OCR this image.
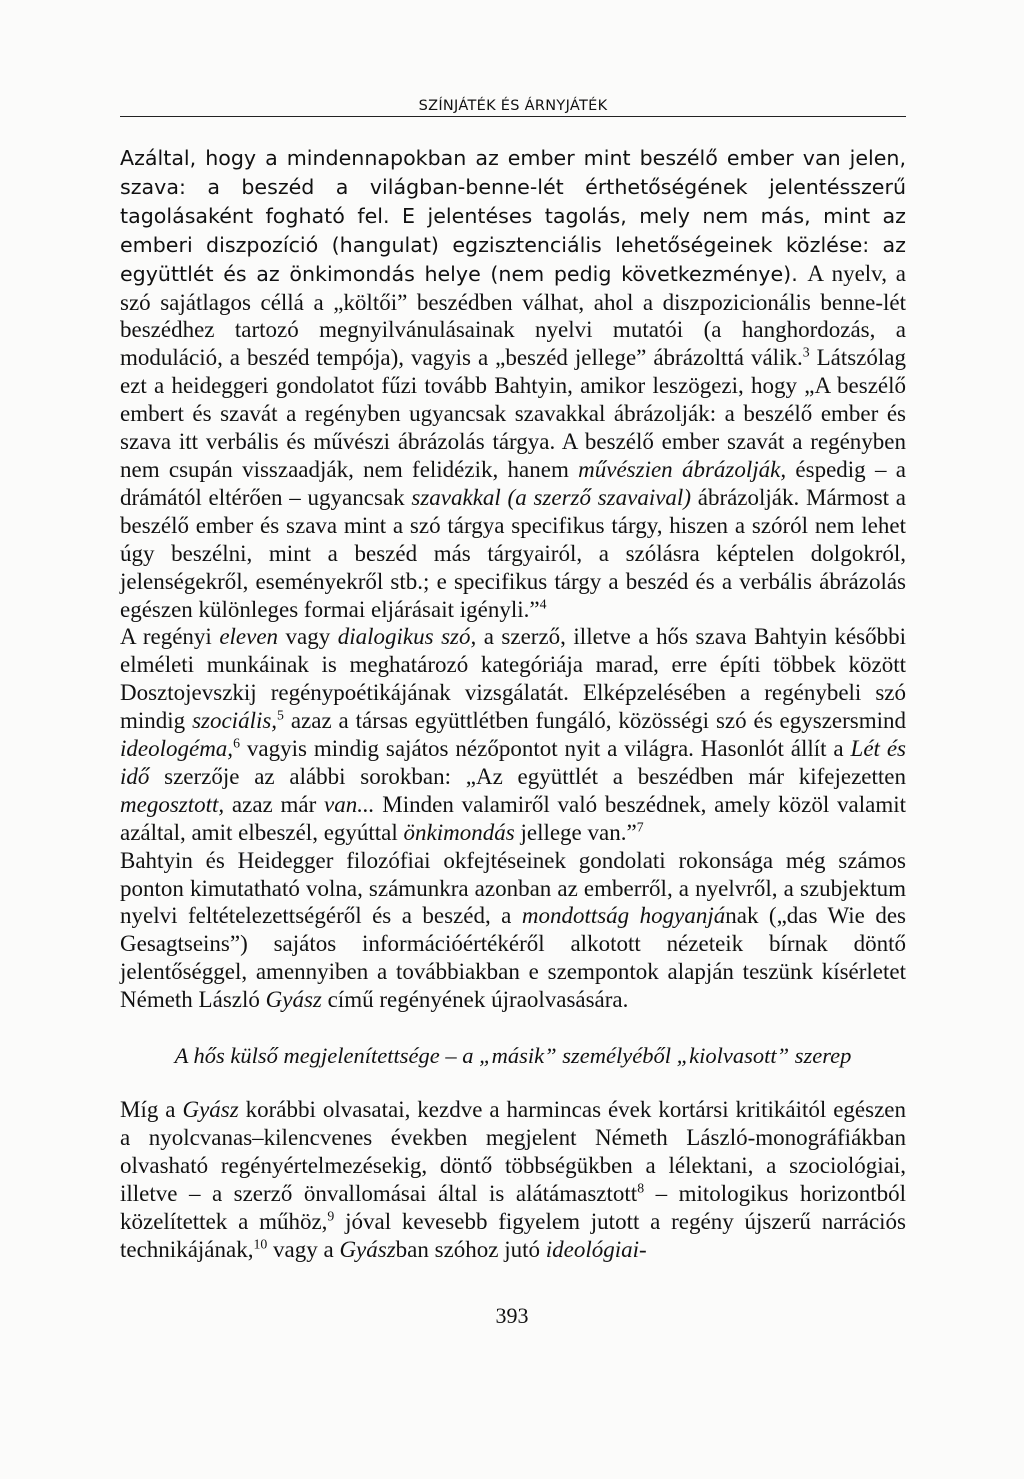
SZÍNJÁTÉK ÉS ÁRNYJÁTÉK

Azáltal, hogy a mindennapokban az ember mint beszélő ember van jelen, szava: a beszéd a világban-benne-lét érthetőségének jelentésszerű tagolásaként fogható fel. E jelentéses tagolás, mely nem más, mint az emberi diszpozíció (hangulat) egzisztenciális lehetőségeinek közlése: az együttlét és az önkimondás helye (nem pedig következménye).

A nyelv, a szó sajátlagos céllá a „költői” beszédben válhat, ahol a diszpozicionális benne-lét beszédhez tartozó megnyilvánulásainak nyelvi mutatói (a hanghordozás, a moduláció, a beszéd tempója), vagyis a „beszéd jellege” ábrázolttá válik.$^3$ Látszólag ezt a heideggeri gondolatot fűzi tovább Bahtyin, amikor leszögezi, hogy „A beszélő embert és szavát a regényben ugyancsak szavakkal ábrázolják: a beszélő ember és szava itt verbális és művészi ábrázolás tárgya. A beszélő ember szavát a regényben nem csupán visszaadják, nem felidézik, hanem művészien ábrázolják, éspedig – a drámától eltérően – ugyancsak szavakkal (a szerző szavaival) ábrázolják. Mármost a beszélő ember és szava mint a szó tárgya specifikus tárgy, hiszen a szóról nem lehet úgy beszélni, mint a beszéd más tárgyairól, a szólásra képtelen dolgokról, jelenségekről, eseményekről stb.; e specifikus tárgy a beszéd és a verbális ábrázolás egészen különleges formai eljárásait igényli.”$^4$

A regényi eleven vagy dialogikus szó, a szerző, illetve a hős szava Bahtyin későbbi elméleti munkáinak is meghatározó kategóriája marad, erre építi többek között Dosztojevszkij regénypoétikájának vizsgálatát. Elképzelésében a regénybeli szó mindig szociális,$^5$ azaz a társas együttlétben fungáló, közösségi szó és egyszersmind ideologéma,$^6$ vagyis mindig sajátos nézőpontot nyit a világra. Hasonlót állít a Lét és idő szerzője az alábbi sorokban: „Az együttlét a beszédben már kifejezetten megosztott, azaz már van... Minden valamiről való beszédnek, amely közöl valamit azáltal, amit elbeszél, egyúttal önkimondás jellege van.”$^7$

Bahtyin és Heidegger filozófiai okfejtéseinek gondolati rokonsága még számos ponton kimutatható volna, számunkra azonban az emberről, a nyelvről, a szubjektum nyelvi feltételezettségéről és a beszéd, a mondottság hogyanjának („das Wie des Gesagtseins”) sajátos információértékéről alkotott nézeteik bírnak döntő jelentőséggel, amennyiben a továbbiakban e szempontok alapján teszünk kísérletet Németh László Gyász című regényének újraolvasására.

A hős külső megjelenítettsége – a „másik” személyéből „kiolvasott” szerep

Míg a Gyász korábbi olvasatai, kezdve a harmincas évek kortársi kritikáitól egészen a nyolcvanas–kilencvenes években megjelent Németh László-monográfiákban olvasható regényértelmezésekig, döntő többségükben a lélektani, a szociológiai, illetve – a szerző önvallomásai által is alátámasztott$^8$ – mitologikus horizontból közelítettek a műhöz,$^9$ jóval kevesebb figyelem jutott a regény újszerű narrációs technikájának,$^{10}$ vagy a Gyászban szóhoz jutó ideológiai-

393
